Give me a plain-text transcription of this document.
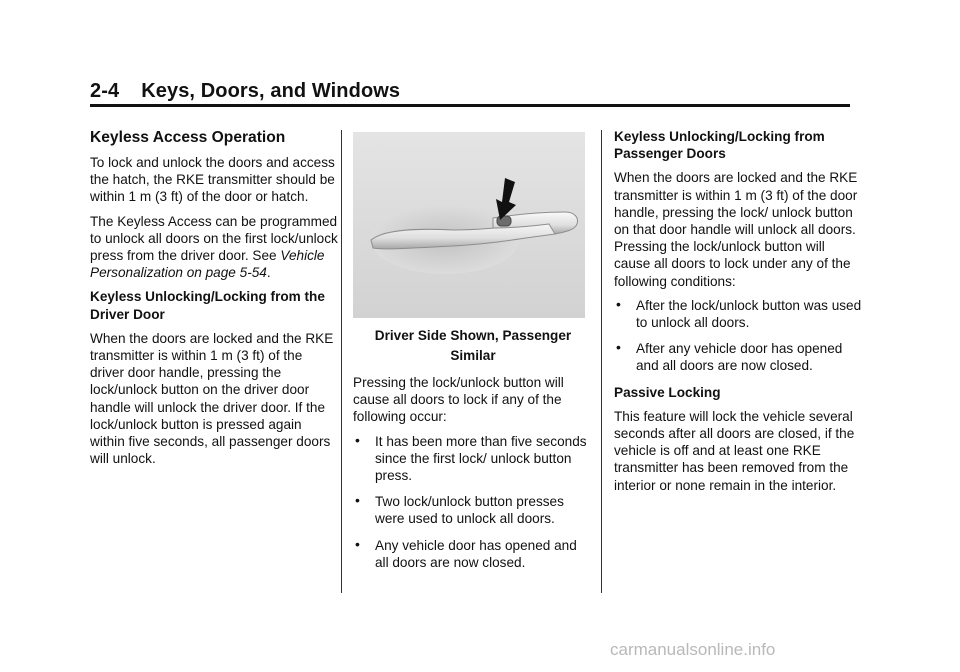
2-4 Keys, Doors, and Windows
Keyless Access Operation

To lock and unlock the doors and access the hatch, the RKE transmitter should be within 1 m (3 ft) of the door or hatch.

The Keyless Access can be programmed to unlock all doors on the first lock/unlock press from the driver door. See Vehicle Personalization on page 5-54.

Keyless Unlocking/Locking from the Driver Door

When the doors are locked and the RKE transmitter is within 1 m (3 ft) of the driver door handle, pressing the lock/unlock button on the driver door handle will unlock the driver door. If the lock/unlock button is pressed again within five seconds, all passenger doors will unlock.

Driver Side Shown, Passenger Similar

Pressing the lock/unlock button will cause all doors to lock if any of the following occur:

• It has been more than five seconds since the first lock/ unlock button press.
• Two lock/unlock button presses were used to unlock all doors.
• Any vehicle door has opened and all doors are now closed.

Keyless Unlocking/Locking from Passenger Doors

When the doors are locked and the RKE transmitter is within 1 m (3 ft) of the door handle, pressing the lock/ unlock button on that door handle will unlock all doors. Pressing the lock/unlock button will cause all doors to lock under any of the following conditions:

• After the lock/unlock button was used to unlock all doors.
• After any vehicle door has opened and all doors are now closed.

Passive Locking

This feature will lock the vehicle several seconds after all doors are closed, if the vehicle is off and at least one RKE transmitter has been removed from the interior or none remain in the interior.

carmanualsonline.info
